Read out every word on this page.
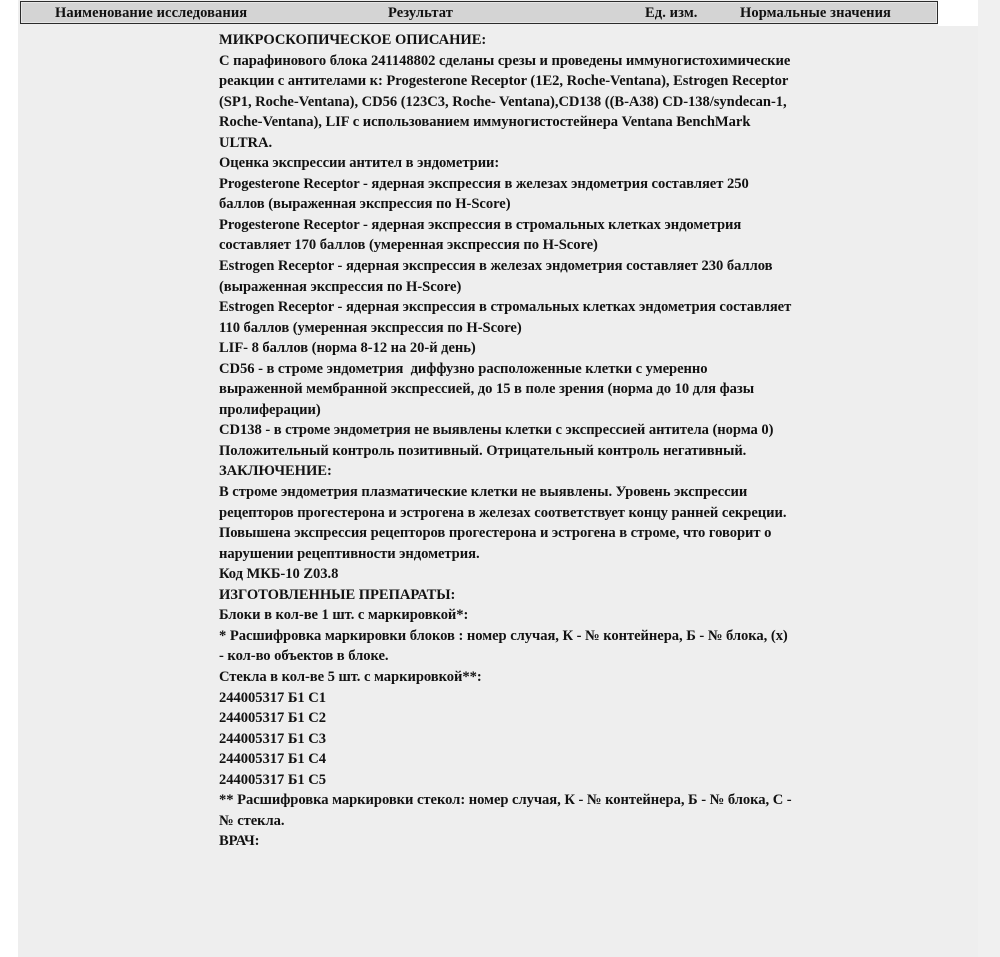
Наименование исследования	Результат	Ед. изм.	Нормальные значения
МИКРОСКОПИЧЕСКОЕ ОПИСАНИЕ:
С парафинового блока 241148802 сделаны срезы и проведены иммуногистохимические
реакции с антителами к: Progesterone Receptor (1E2, Roche-Ventana), Estrogen Receptor
(SP1, Roche-Ventana), CD56 (123C3, Roche- Ventana),CD138 ((B-A38) CD-138/syndecan-1,
Roche-Ventana), LIF с использованием иммуногистостейнера Ventana BenchMark
ULTRA.
Оценка экспрессии антител в эндометрии:
Progesterone Receptor - ядерная экспрессия в железах эндометрия составляет 250
баллов (выраженная экспрессия по H-Score)
Progesterone Receptor - ядерная экспрессия в стромальных клетках эндометрия
составляет 170 баллов (умеренная экспрессия по H-Score)
Estrogen Receptor - ядерная экспрессия в железах эндометрия составляет 230 баллов
(выраженная экспрессия по H-Score)
Estrogen Receptor - ядерная экспрессия в стромальных клетках эндометрия составляет
110 баллов (умеренная экспрессия по H-Score)
LIF- 8 баллов (норма 8-12 на 20-й день)
CD56 - в строме эндометрия  диффузно расположенные клетки с умеренно
выраженной мембранной экспрессией, до 15 в поле зрения (норма до 10 для фазы
пролиферации)
CD138 - в строме эндометрия не выявлены клетки с экспрессией антитела (норма 0)
Положительный контроль позитивный. Отрицательный контроль негативный.
ЗАКЛЮЧЕНИЕ:
В строме эндометрия плазматические клетки не выявлены. Уровень экспрессии
рецепторов прогестерона и эстрогена в железах соответствует концу ранней секреции.
Повышена экспрессия рецепторов прогестерона и эстрогена в строме, что говорит о
нарушении рецептивности эндометрия.
Код МКБ-10 Z03.8
ИЗГОТОВЛЕННЫЕ ПРЕПАРАТЫ:
Блоки в кол-ве 1 шт. с маркировкой*:
* Расшифровка маркировки блоков : номер случая, К - № контейнера, Б - № блока, (х)
- кол-во объектов в блоке.
Стекла в кол-ве 5 шт. с маркировкой**:
244005317 Б1 С1
244005317 Б1 С2
244005317 Б1 С3
244005317 Б1 С4
244005317 Б1 С5
** Расшифровка маркировки стекол: номер случая, К - № контейнера, Б - № блока, С -
№ стекла.
ВРАЧ:
